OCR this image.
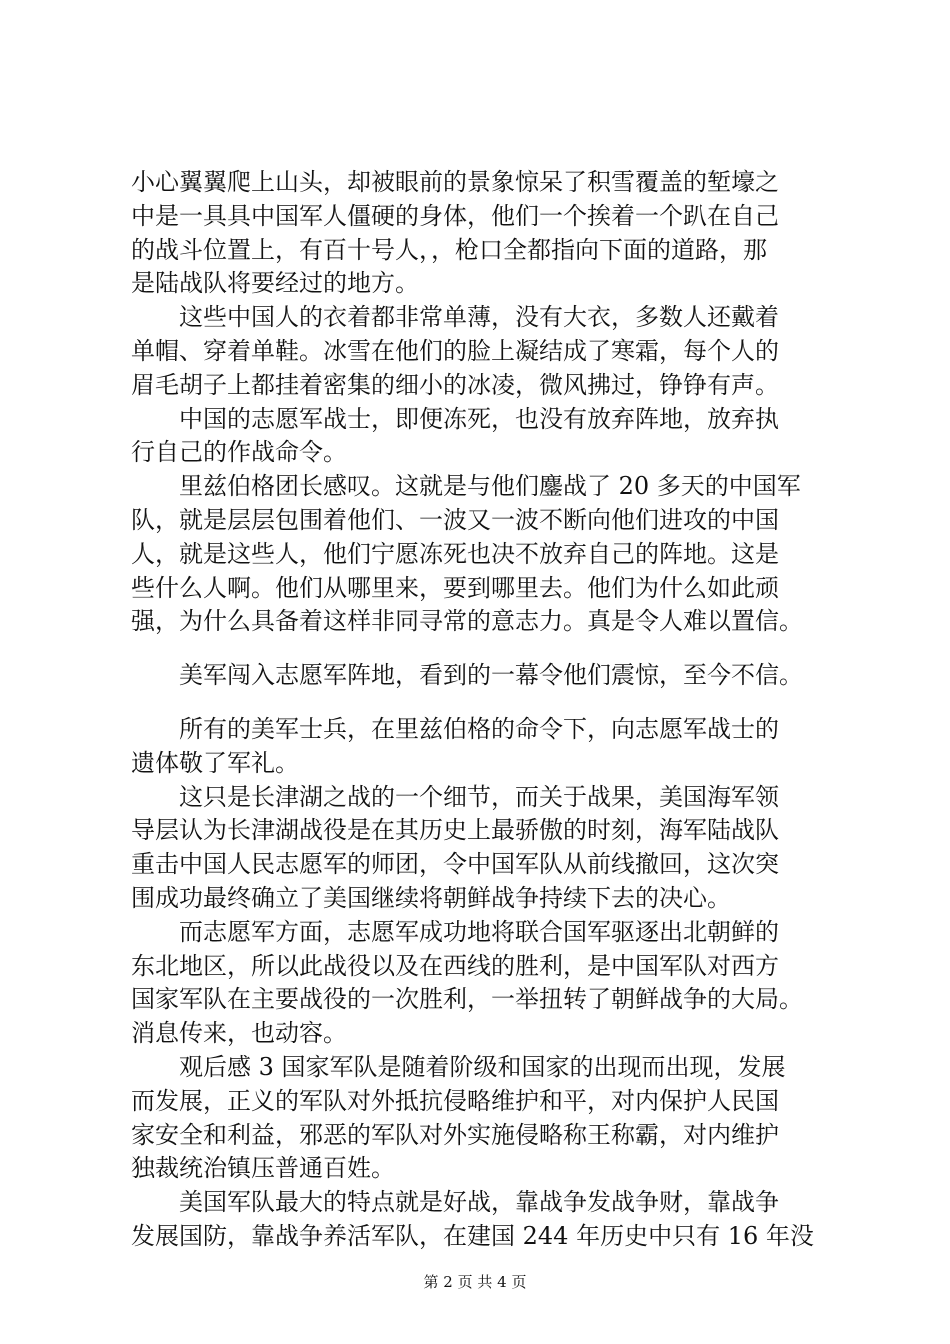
小心翼翼爬上山头，却被眼前的景象惊呆了积雪覆盖的堑壕之
中是一具具中国军人僵硬的身体，他们一个挨着一个趴在自己
的战斗位置上，有百十号人，，枪口全都指向下面的道路，那
是陆战队将要经过的地方。
　　这些中国人的衣着都非常单薄，没有大衣，多数人还戴着
单帽、穿着单鞋。冰雪在他们的脸上凝结成了寒霜，每个人的
眉毛胡子上都挂着密集的细小的冰凌，微风拂过，铮铮有声。
　　中国的志愿军战士，即便冻死，也没有放弃阵地，放弃执
行自己的作战命令。
　　里兹伯格团长感叹。这就是与他们鏖战了 20 多天的中国军
队，就是层层包围着他们、一波又一波不断向他们进攻的中国
人，就是这些人，他们宁愿冻死也决不放弃自己的阵地。这是
些什么人啊。他们从哪里来，要到哪里去。他们为什么如此顽
强，为什么具备着这样非同寻常的意志力。真是令人难以置信。
　　美军闯入志愿军阵地，看到的一幕令他们震惊，至今不信。
　　所有的美军士兵，在里兹伯格的命令下，向志愿军战士的
遗体敬了军礼。
　　这只是长津湖之战的一个细节，而关于战果，美国海军领
导层认为长津湖战役是在其历史上最骄傲的时刻，海军陆战队
重击中国人民志愿军的师团，令中国军队从前线撤回，这次突
围成功最终确立了美国继续将朝鲜战争持续下去的决心。
　　而志愿军方面，志愿军成功地将联合国军驱逐出北朝鲜的
东北地区，所以此战役以及在西线的胜利，是中国军队对西方
国家军队在主要战役的一次胜利，一举扭转了朝鲜战争的大局。
消息传来，也动容。
　　观后感 3 国家军队是随着阶级和国家的出现而出现，发展
而发展，正义的军队对外抵抗侵略维护和平，对内保护人民国
家安全和利益，邪恶的军队对外实施侵略称王称霸，对内维护
独裁统治镇压普通百姓。
　　美国军队最大的特点就是好战，靠战争发战争财，靠战争
发展国防，靠战争养活军队，在建国 244 年历史中只有 16 年没
第 2 页 共 4 页
